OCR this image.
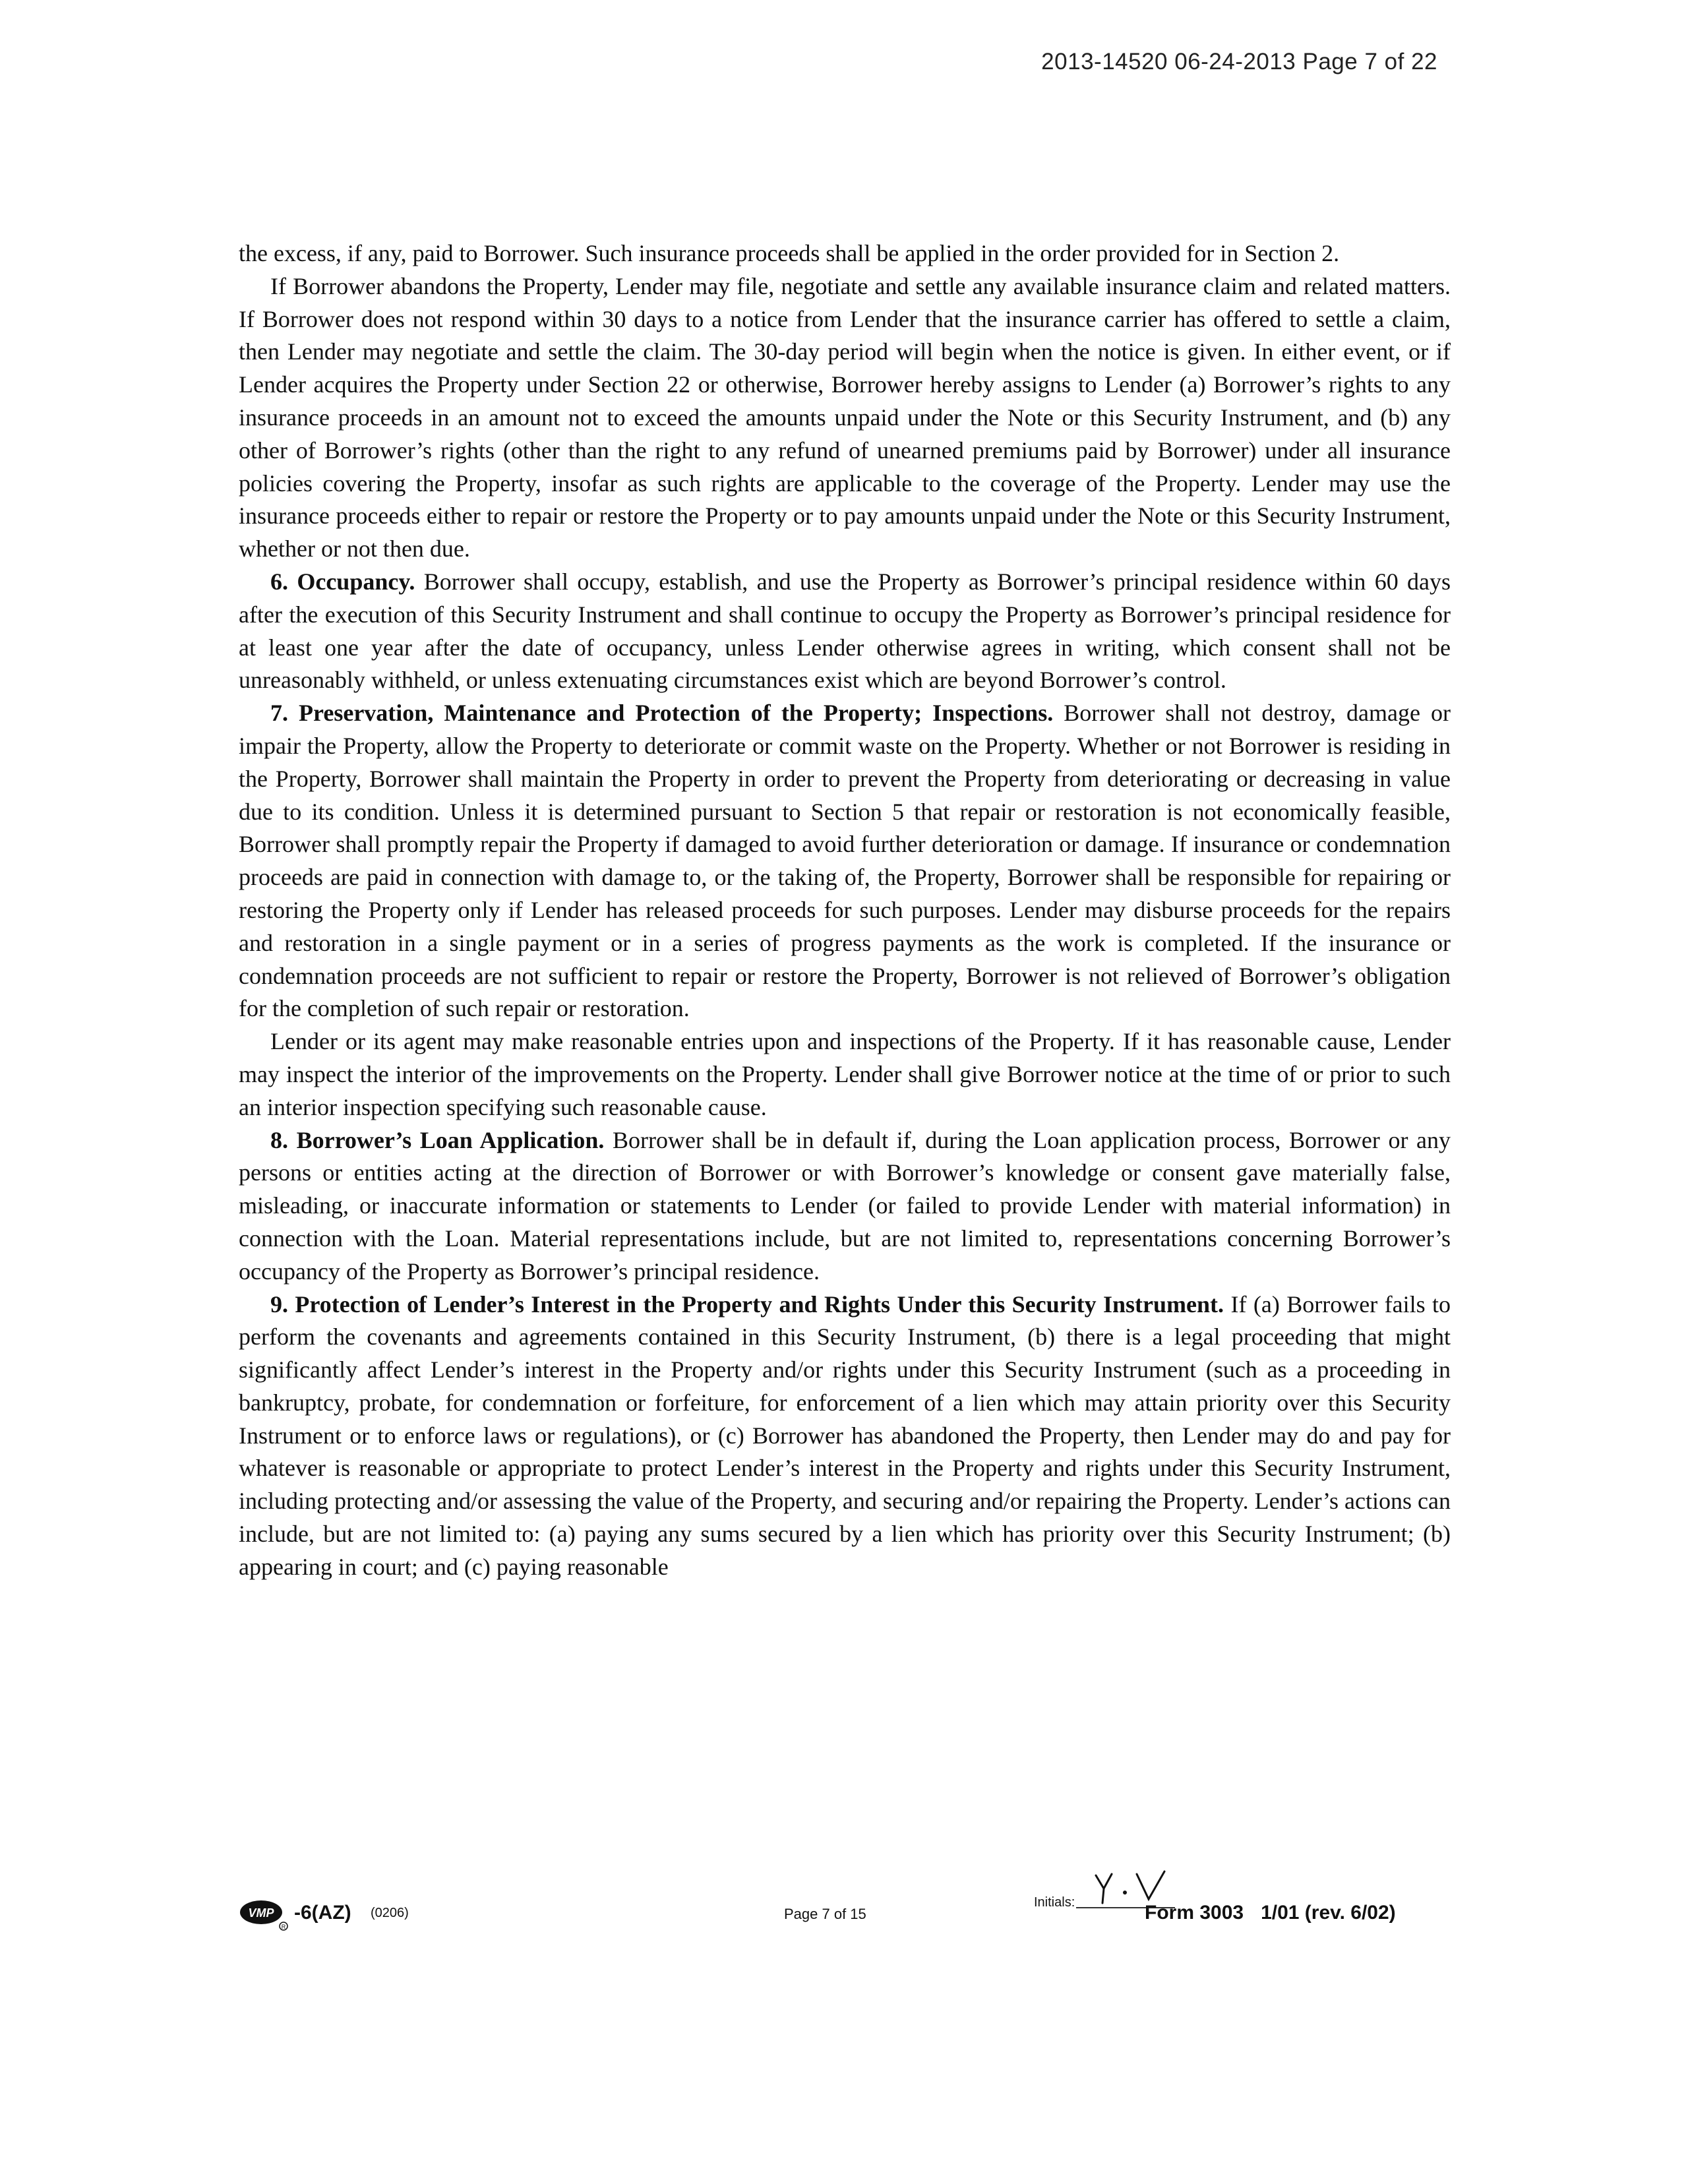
2013-14520 06-24-2013 Page 7 of 22

the excess, if any, paid to Borrower. Such insurance proceeds shall be applied in the order provided for in Section 2.

If Borrower abandons the Property, Lender may file, negotiate and settle any available insurance claim and related matters. If Borrower does not respond within 30 days to a notice from Lender that the insurance carrier has offered to settle a claim, then Lender may negotiate and settle the claim. The 30-day period will begin when the notice is given. In either event, or if Lender acquires the Property under Section 22 or otherwise, Borrower hereby assigns to Lender (a) Borrower’s rights to any insurance proceeds in an amount not to exceed the amounts unpaid under the Note or this Security Instrument, and (b) any other of Borrower’s rights (other than the right to any refund of unearned premiums paid by Borrower) under all insurance policies covering the Property, insofar as such rights are applicable to the coverage of the Property. Lender may use the insurance proceeds either to repair or restore the Property or to pay amounts unpaid under the Note or this Security Instrument, whether or not then due.

6. Occupancy. Borrower shall occupy, establish, and use the Property as Borrower’s principal residence within 60 days after the execution of this Security Instrument and shall continue to occupy the Property as Borrower’s principal residence for at least one year after the date of occupancy, unless Lender otherwise agrees in writing, which consent shall not be unreasonably withheld, or unless extenuating circumstances exist which are beyond Borrower’s control.

7. Preservation, Maintenance and Protection of the Property; Inspections. Borrower shall not destroy, damage or impair the Property, allow the Property to deteriorate or commit waste on the Property. Whether or not Borrower is residing in the Property, Borrower shall maintain the Property in order to prevent the Property from deteriorating or decreasing in value due to its condition. Unless it is determined pursuant to Section 5 that repair or restoration is not economically feasible, Borrower shall promptly repair the Property if damaged to avoid further deterioration or damage. If insurance or condemnation proceeds are paid in connection with damage to, or the taking of, the Property, Borrower shall be responsible for repairing or restoring the Property only if Lender has released proceeds for such purposes. Lender may disburse proceeds for the repairs and restoration in a single payment or in a series of progress payments as the work is completed. If the insurance or condemnation proceeds are not sufficient to repair or restore the Property, Borrower is not relieved of Borrower’s obligation for the completion of such repair or restoration.

Lender or its agent may make reasonable entries upon and inspections of the Property. If it has reasonable cause, Lender may inspect the interior of the improvements on the Property. Lender shall give Borrower notice at the time of or prior to such an interior inspection specifying such reasonable cause.

8. Borrower’s Loan Application. Borrower shall be in default if, during the Loan application process, Borrower or any persons or entities acting at the direction of Borrower or with Borrower’s knowledge or consent gave materially false, misleading, or inaccurate information or statements to Lender (or failed to provide Lender with material information) in connection with the Loan. Material representations include, but are not limited to, representations concerning Borrower’s occupancy of the Property as Borrower’s principal residence.

9. Protection of Lender’s Interest in the Property and Rights Under this Security Instrument. If (a) Borrower fails to perform the covenants and agreements contained in this Security Instrument, (b) there is a legal proceeding that might significantly affect Lender’s interest in the Property and/or rights under this Security Instrument (such as a proceeding in bankruptcy, probate, for condemnation or forfeiture, for enforcement of a lien which may attain priority over this Security Instrument or to enforce laws or regulations), or (c) Borrower has abandoned the Property, then Lender may do and pay for whatever is reasonable or appropriate to protect Lender’s interest in the Property and rights under this Security Instrument, including protecting and/or assessing the value of the Property, and securing and/or repairing the Property. Lender’s actions can include, but are not limited to: (a) paying any sums secured by a lien which has priority over this Security Instrument; (b) appearing in court; and (c) paying reasonable

VMP
R
-6(AZ) (0206)	Page 7 of 15
Initials:	Form 3003 1/01 (rev. 6/02)
